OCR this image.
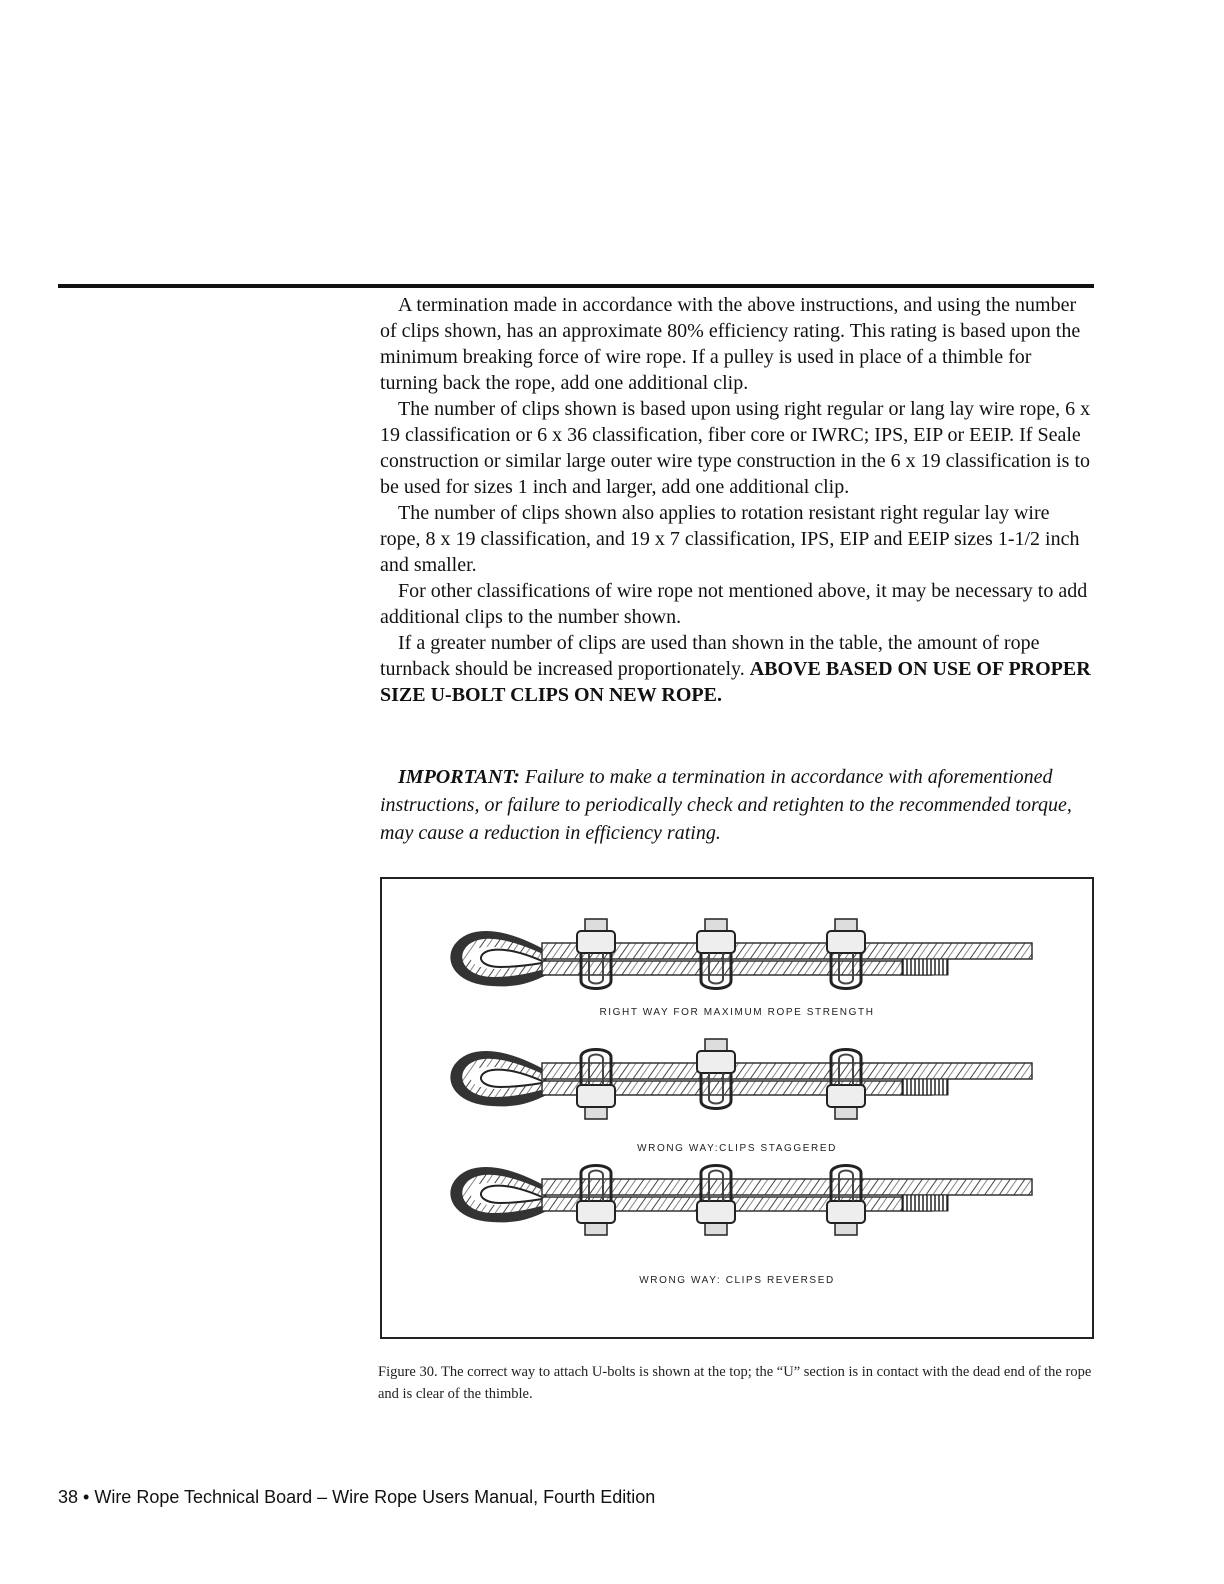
A termination made in accordance with the above instructions, and using the number of clips shown, has an approximate 80% efficiency rating. This rating is based upon the minimum breaking force of wire rope. If a pulley is used in place of a thimble for turning back the rope, add one additional clip.

The number of clips shown is based upon using right regular or lang lay wire rope, 6 x 19 classification or 6 x 36 classification, fiber core or IWRC; IPS, EIP or EEIP. If Seale construction or similar large outer wire type construction in the 6 x 19 classification is to be used for sizes 1 inch and larger, add one additional clip.

The number of clips shown also applies to rotation resistant right regular lay wire rope, 8 x 19 classification, and 19 x 7 classification, IPS, EIP and EEIP sizes 1-1/2 inch and smaller.

For other classifications of wire rope not mentioned above, it may be necessary to add additional clips to the number shown.

If a greater number of clips are used than shown in the table, the amount of rope turnback should be increased proportionately. ABOVE BASED ON USE OF PROPER SIZE U-BOLT CLIPS ON NEW ROPE.

IMPORTANT: Failure to make a termination in accordance with aforementioned instructions, or failure to periodically check and retighten to the recommended torque, may cause a reduction in efficiency rating.

RIGHT WAY FOR MAXIMUM ROPE STRENGTH
WRONG WAY:CLIPS STAGGERED
WRONG WAY: CLIPS REVERSED
Figure 30. The correct way to attach U-bolts is shown at the top; the “U” section is in contact with the dead end of the rope and is clear of the thimble.
38 • Wire Rope Technical Board – Wire Rope Users Manual, Fourth Edition
